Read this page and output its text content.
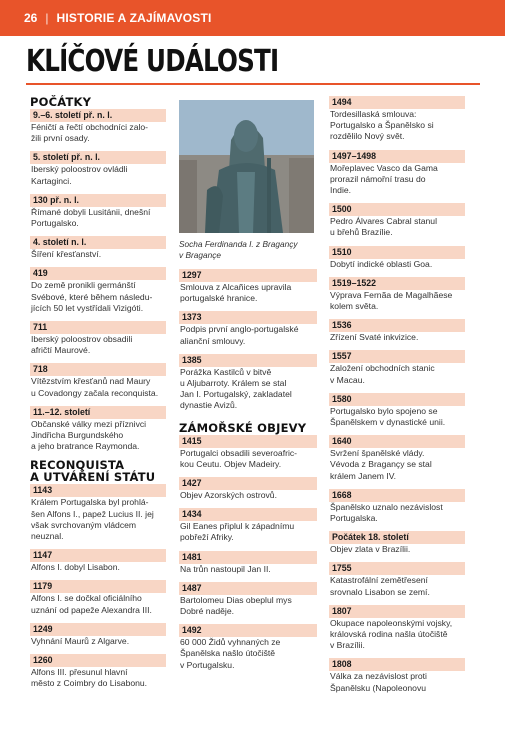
26 | HISTORIE A ZAJÍMAVOSTI
KLÍČOVÉ UDÁLOSTI
POČÁTKY
9.–6. století př. n. l.
Féničtí a řečtí obchodníci zalo-
žili první osady.
5. století př. n. l.
Iberský poloostrov ovládli
Kartaginci.
130 př. n. l.
Římané dobyli Lusitánii, dnešní
Portugalsko.
4. století n. l.
Šíření křesťanství.
419
Do země pronikli germánští
Svébové, které během následu-
jících 50 let vystřídali Vizigóti.
711
Iberský poloostrov obsadili
afričtí Maurové.
718
Vítězstvím křesťanů nad Maury
u Covadongy začala reconquista.
11.–12. století
Občanské války mezi příznivci
Jindřicha Burgundského
a jeho bratrance Raymonda.
RECONQUISTA
A UTVÁŘENÍ STÁTU
1143
Králem Portugalska byl prohlá-
šen Alfons I., papež Lucius II. jej
však svrchovaným vládcem
neuznal.
1147
Alfons I. dobyl Lisabon.
1179
Alfons I. se dočkal oficiálního
uznání od papeže Alexandra III.
1249
Vyhnání Maurů z Algarve.
1260
Alfons III. přesunul hlavní
město z Coimbry do Lisabonu.
Socha Ferdinanda I. z Bragançy
v Bragançe
1297
Smlouva z Alcañices upravila
portugalské hranice.
1373
Podpis první anglo-portugalské
alianční smlouvy.
1385
Porážka Kastilců v bitvě
u Aljubarroty. Králem se stal
Jan I. Portugalský, zakladatel
dynastie Avizů.
ZÁMOŘSKÉ OBJEVY
1415
Portugalci obsadili severoafric-
kou Ceutu. Objev Madeiry.
1427
Objev Azorských ostrovů.
1434
Gil Eanes připlul k západnímu
pobřeží Afriky.
1481
Na trůn nastoupil Jan II.
1487
Bartolomeu Dias obeplul mys
Dobré naděje.
1492
60 000 Židů vyhnaných ze
Španělska našlo útočiště
v Portugalsku.
1494
Tordesillaská smlouva:
Portugalsko a Španělsko si
rozdělilo Nový svět.
1497–1498
Mořeplavec Vasco da Gama
prorazil námořní trasu do
Indie.
1500
Pedro Álvares Cabral stanul
u břehů Brazílie.
1510
Dobytí indické oblasti Goa.
1519–1522
Výprava Fernãa de Magalhãese
kolem světa.
1536
Zřízení Svaté inkvizice.
1557
Založení obchodních stanic
v Macau.
1580
Portugalsko bylo spojeno se
Španělskem v dynastické unii.
1640
Svržení španělské vlády.
Vévoda z Bragançy se stal
králem Janem IV.
1668
Španělsko uznalo nezávislost
Portugalska.
Počátek 18. století
Objev zlata v Brazílii.
1755
Katastrofální zemětřesení
srovnalo Lisabon se zemí.
1807
Okupace napoleonskými vojsky,
královská rodina našla útočiště
v Brazílii.
1808
Válka za nezávislost proti
Španělsku (Napoleonovu
